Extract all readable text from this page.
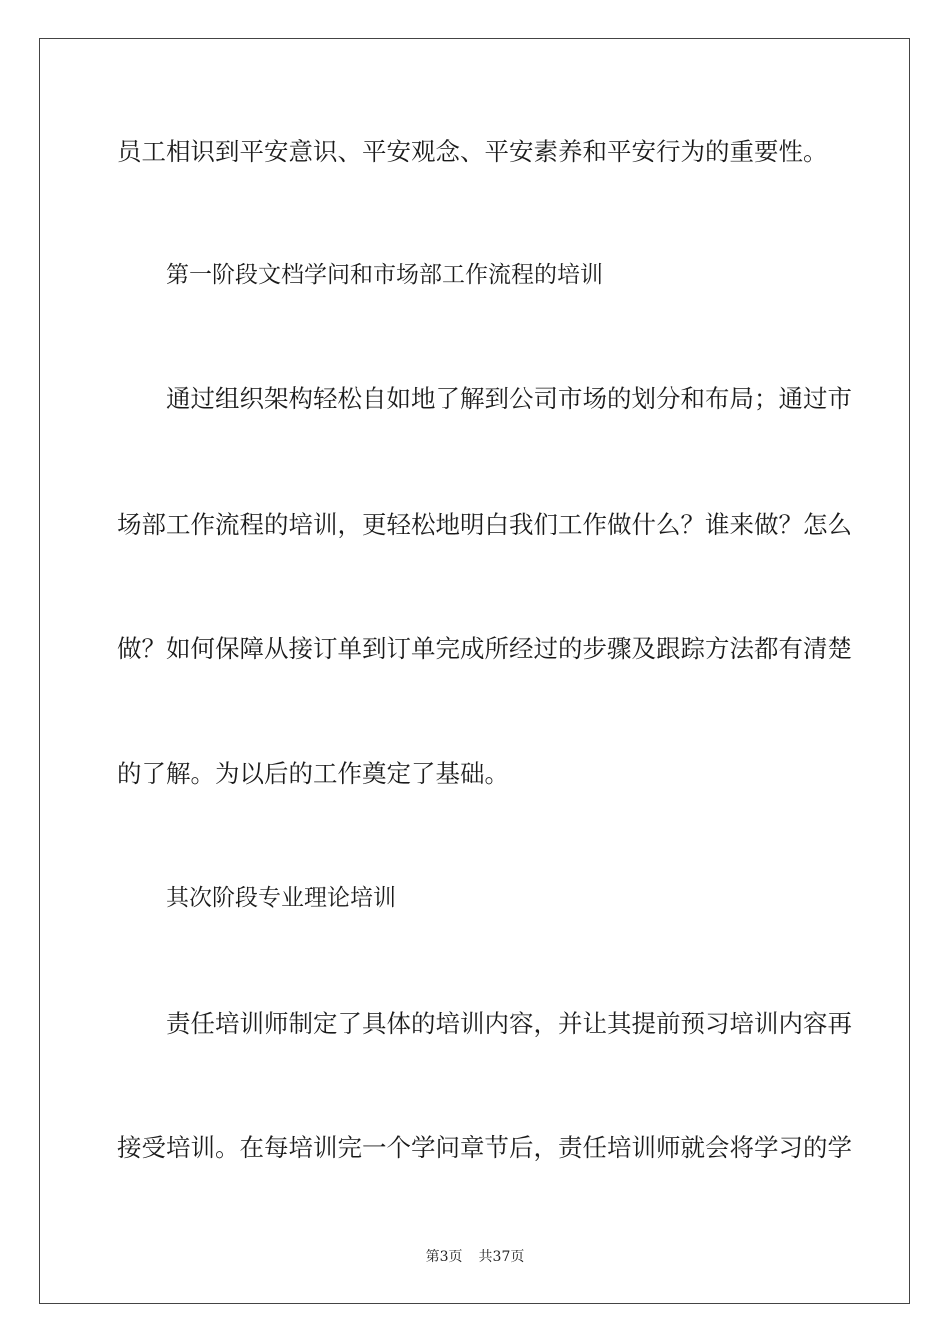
员工相识到平安意识、平安观念、平安素养和平安行为的重要性。
第一阶段文档学问和市场部工作流程的培训
通过组织架构轻松自如地了解到公司市场的划分和布局；通过市
场部工作流程的培训，更轻松地明白我们工作做什么？谁来做？怎么
做？如何保障从接订单到订单完成所经过的步骤及跟踪方法都有清楚
的了解。为以后的工作奠定了基础。
其次阶段专业理论培训
责任培训师制定了具体的培训内容，并让其提前预习培训内容再
接受培训。在每培训完一个学问章节后，责任培训师就会将学习的学
第3页 共37页
